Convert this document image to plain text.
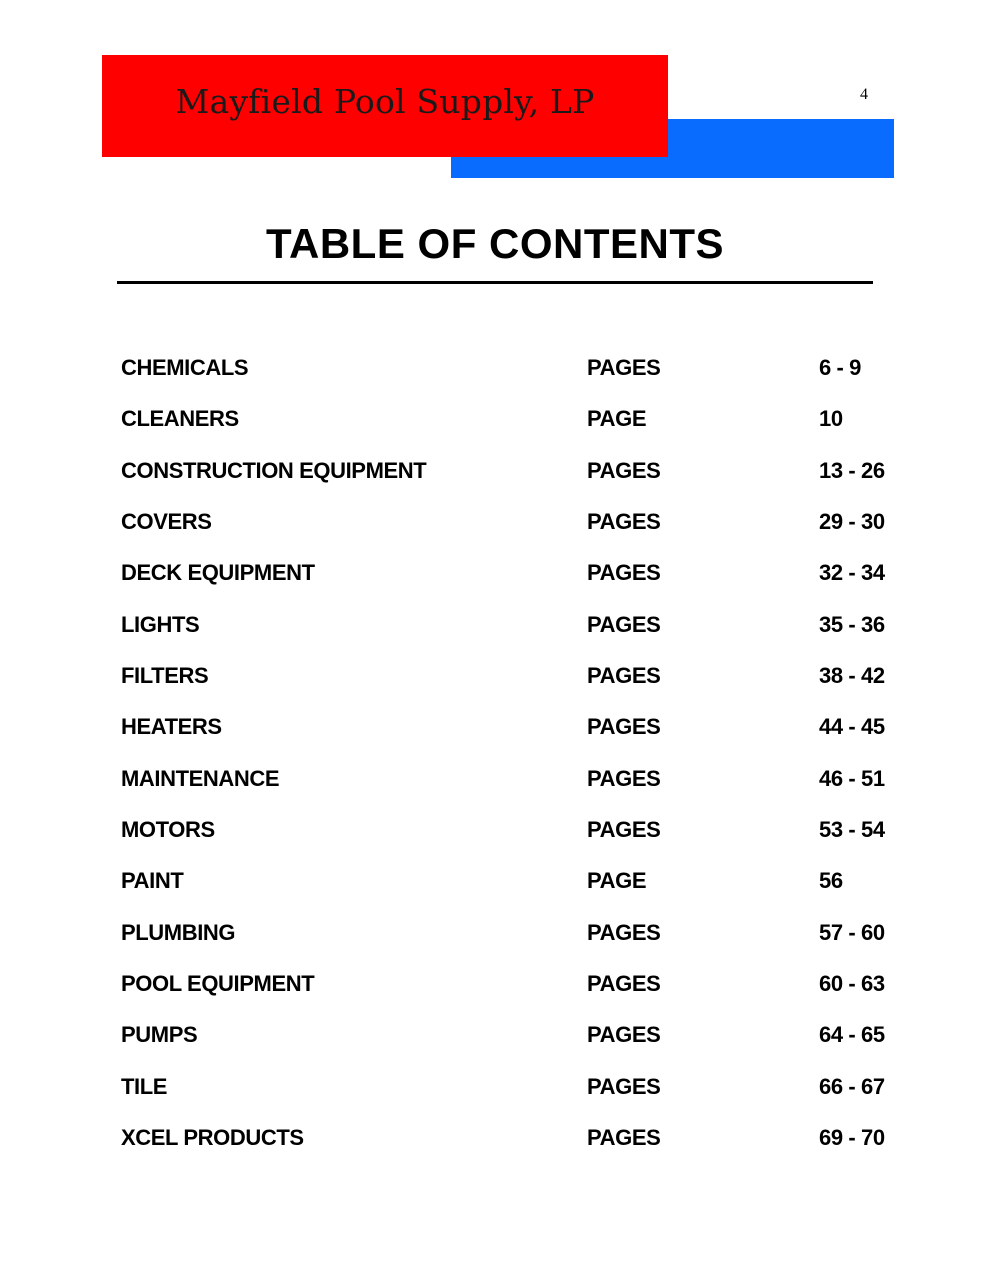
Mayfield Pool Supply, LP	4
TABLE OF CONTENTS
CHEMICALS	PAGES	6 - 9
CLEANERS	PAGE	10
CONSTRUCTION EQUIPMENT	PAGES	13 - 26
COVERS	PAGES	29 - 30
DECK EQUIPMENT	PAGES	32 - 34
LIGHTS	PAGES	35 - 36
FILTERS	PAGES	38 - 42
HEATERS	PAGES	44 - 45
MAINTENANCE	PAGES	46 - 51
MOTORS	PAGES	53 - 54
PAINT	PAGE	56
PLUMBING	PAGES	57 - 60
POOL EQUIPMENT	PAGES	60 - 63
PUMPS	PAGES	64 - 65
TILE	PAGES	66 - 67
XCEL PRODUCTS	PAGES	69 - 70
